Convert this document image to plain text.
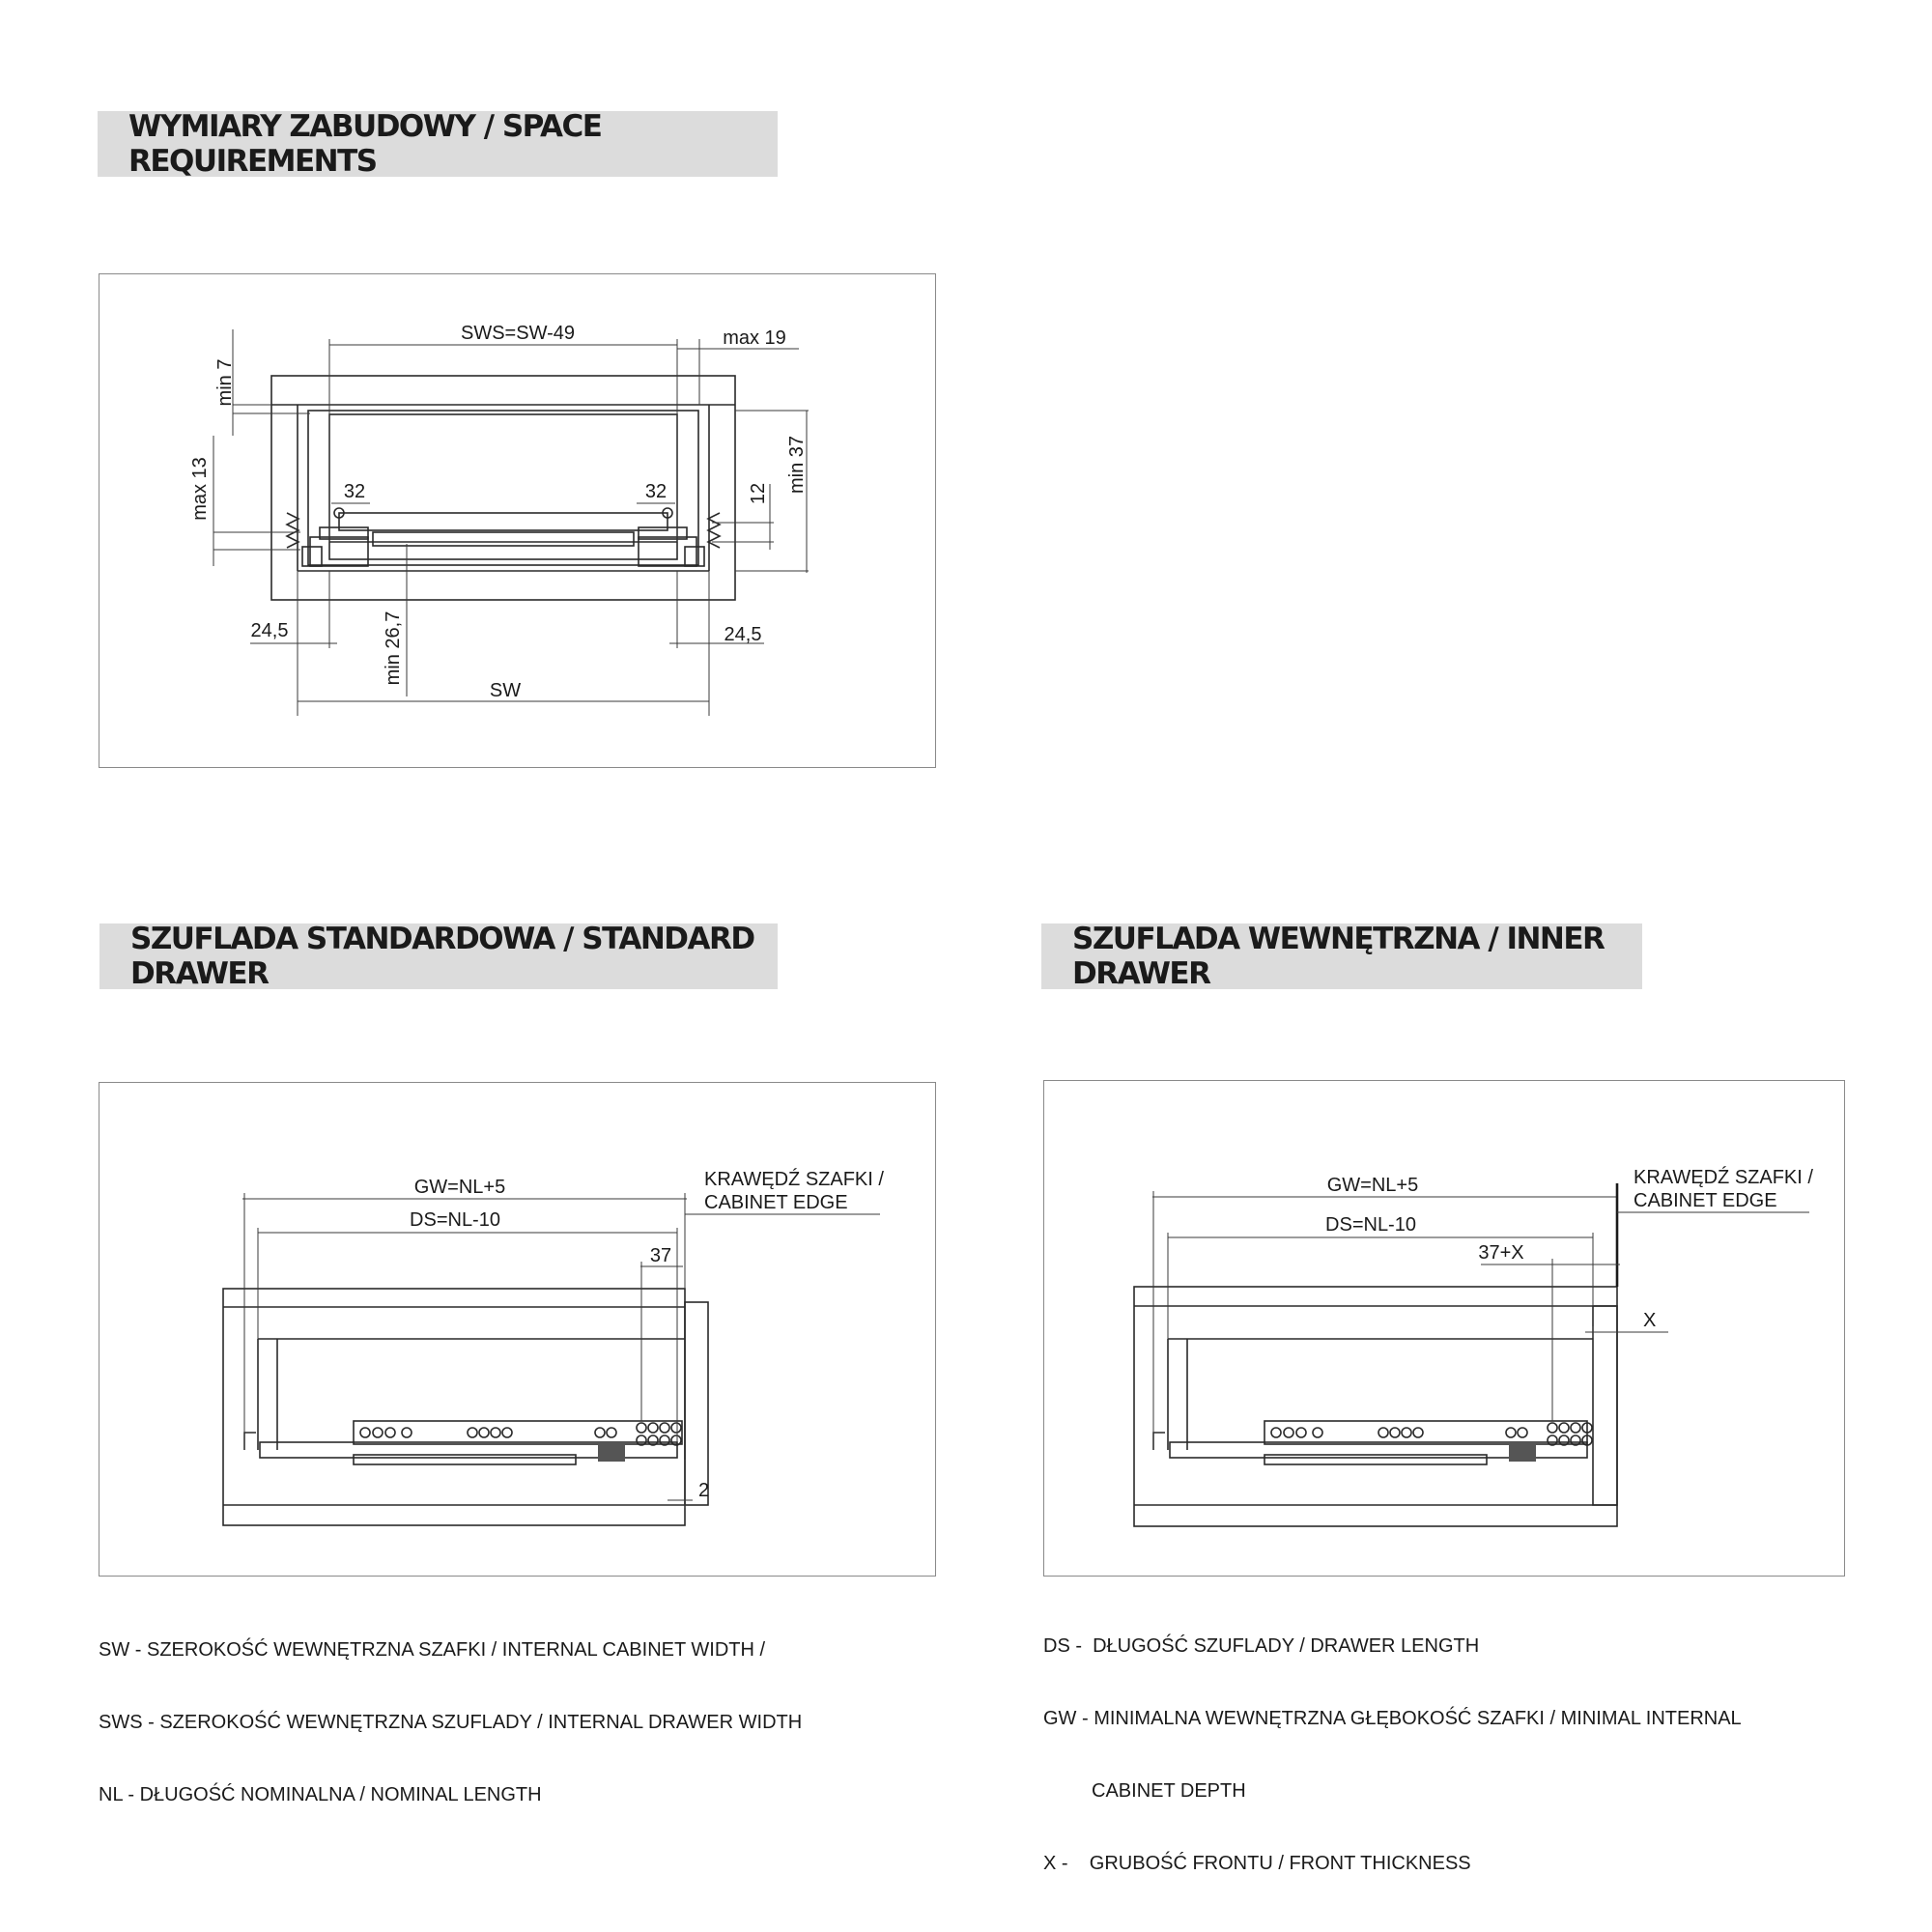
WYMIARY ZABUDOWY / SPACE REQUIREMENTS
SZUFLADA STANDARDOWA / STANDARD DRAWER
SZUFLADA WEWNĘTRZNA / INNER DRAWER
SWS=SW-49	max 19
min 7
max 13	min 37
12
32	32
24,5	24,5
min 26,7
SW
GW=NL+5
DS=NL-10
37
2
KRAWĘDŹ SZAFKI /
CABINET EDGE
GW=NL+5
DS=NL-10
37+X
X
KRAWĘDŹ SZAFKI /
CABINET EDGE

SW - SZEROKOŚĆ WEWNĘTRZNA SZAFKI / INTERNAL CABINET WIDTH /

SWS - SZEROKOŚĆ WEWNĘTRZNA SZUFLADY / INTERNAL DRAWER WIDTH

NL - DŁUGOŚĆ NOMINALNA / NOMINAL LENGTH

DS -  DŁUGOŚĆ SZUFLADY / DRAWER LENGTH

GW - MINIMALNA WEWNĘTRZNA GŁĘBOKOŚĆ SZAFKI / MINIMAL INTERNAL

CABINET DEPTH

X -    GRUBOŚĆ FRONTU / FRONT THICKNESS
